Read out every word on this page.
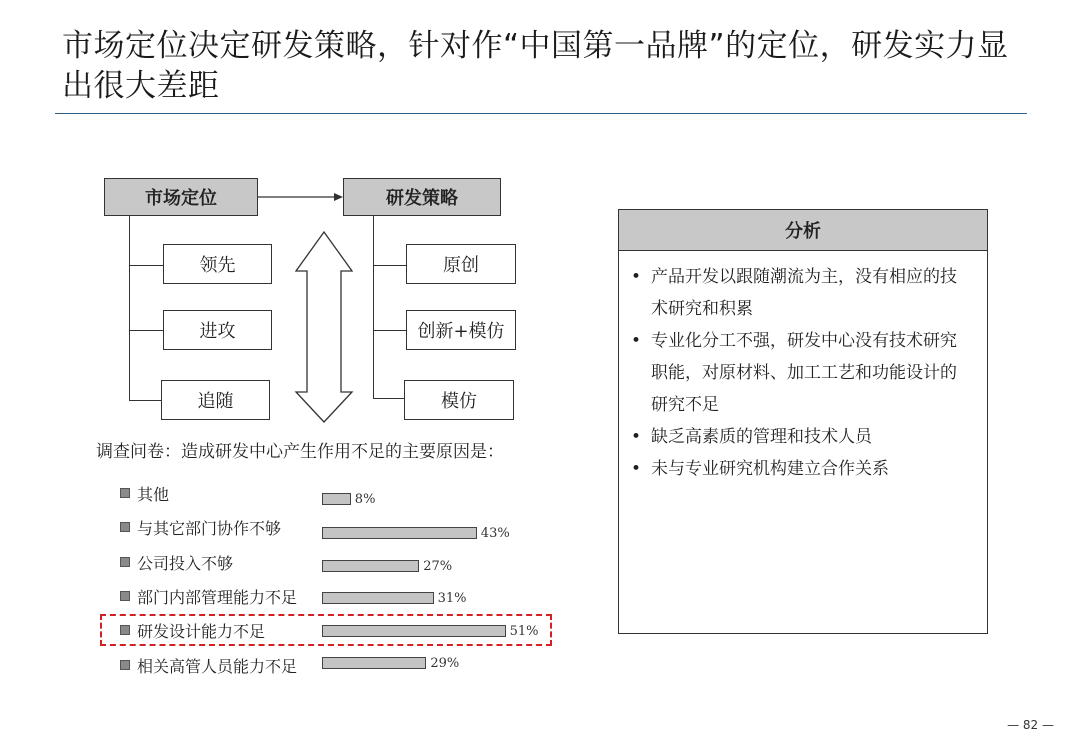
市场定位决定研发策略，针对作“中国第一品牌”的定位，研发实力显出很大差距
市场定位	研发策略
领先
进攻
追随
原创
创新+模仿
模仿
调查问卷：造成研发中心产生作用不足的主要原因是：
其他
与其它部门协作不够
公司投入不够
部门内部管理能力不足
研发设计能力不足
相关高管人员能力不足
8%
43%
27%
31%
51%
29%
分析
• 产品开发以跟随潮流为主，没有相应的技术研究和积累
• 专业化分工不强，研发中心没有技术研究职能，对原材料、加工工艺和功能设计的研究不足
• 缺乏高素质的管理和技术人员
• 未与专业研究机构建立合作关系
— 82 —
